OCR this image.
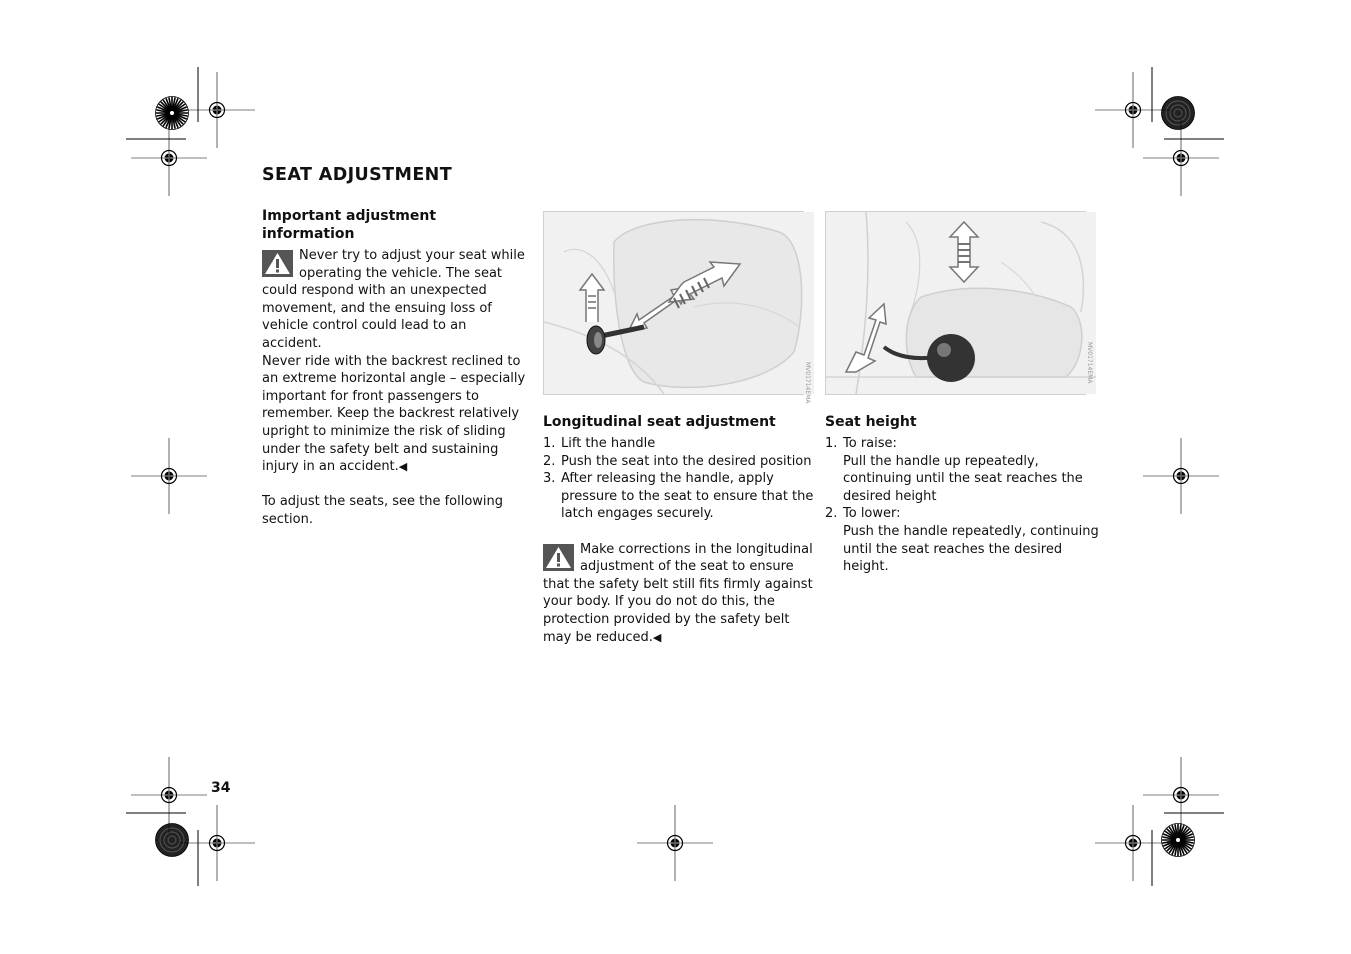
SEAT ADJUSTMENT
Important adjustment information

Never try to adjust your seat while operating the vehicle. The seat could respond with an unexpected movement, and the ensuing loss of vehicle control could lead to an accident.

Never ride with the backrest reclined to an extreme horizontal angle – especially important for front passengers to remember. Keep the backrest relatively upright to minimize the risk of sliding under the safety belt and sustaining injury in an accident.◀

To adjust the seats, see the following section.

MV01714EMA
Longitudinal seat adjustment
1. Lift the handle
2. Push the seat into the desired position
3. After releasing the handle, apply pressure to the seat to ensure that the latch engages securely.

Make corrections in the longitudinal adjustment of the seat to ensure that the safety belt still fits firmly against your body. If you do not do this, the protection provided by the safety belt may be reduced.◀

MV01714EMA
Seat height
1. To raise:
Pull the handle up repeatedly, continuing until the seat reaches the desired height
2. To lower:
Push the handle repeatedly, continuing until the seat reaches the desired height.
34
